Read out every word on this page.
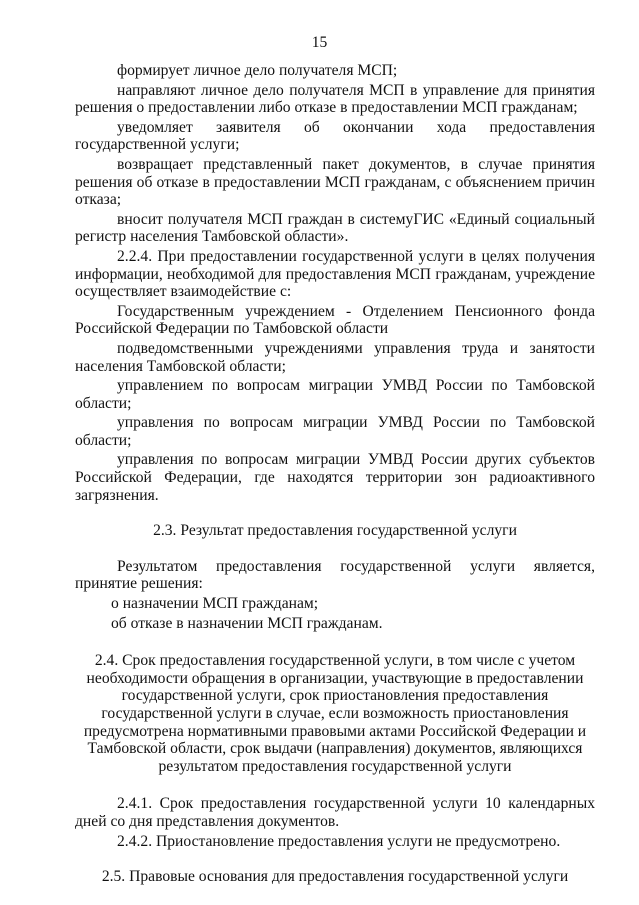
15

формирует личное дело получателя МСП;

направляют личное дело получателя МСП в управление для принятия решения о предоставлении либо отказе в предоставлении МСП гражданам;

уведомляет заявителя об окончании хода предоставления государственной услуги;

возвращает представленный пакет документов, в случае принятия решения об отказе в предоставлении МСП гражданам, с объяснением причин отказа;

вносит получателя МСП граждан в системуГИС «Единый социальный регистр населения Тамбовской области».

2.2.4. При предоставлении государственной услуги в целях получения информации, необходимой для предоставления МСП гражданам, учреждение осуществляет взаимодействие с:

Государственным учреждением - Отделением Пенсионного фонда Российской Федерации по Тамбовской области

подведомственными учреждениями управления труда и занятости населения Тамбовской области;

управлением по вопросам миграции УМВД России по Тамбовской области;

управления по вопросам миграции УМВД России по Тамбовской области;

управления по вопросам миграции УМВД России других субъектов Российской Федерации, где находятся территории зон радиоактивного загрязнения.

2.3. Результат предоставления государственной услуги

Результатом предоставления государственной услуги является, принятие решения:

о назначении МСП гражданам;

об отказе в назначении МСП гражданам.

2.4. Срок предоставления государственной услуги, в том числе с учетом необходимости обращения в организации, участвующие в предоставлении государственной услуги, срок приостановления предоставления государственной услуги в случае, если возможность приостановления предусмотрена нормативными правовыми актами Российской Федерации и Тамбовской области, срок выдачи (направления) документов, являющихся результатом предоставления государственной услуги

2.4.1. Срок предоставления государственной услуги 10 календарных дней со дня представления документов.

2.4.2. Приостановление предоставления услуги не предусмотрено.

2.5. Правовые основания для предоставления государственной услуги
